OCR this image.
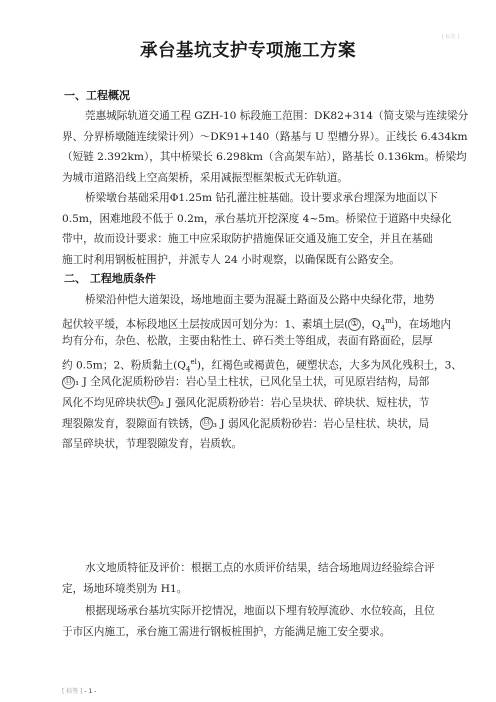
[ 标签 ]
承台基坑支护专项施工方案
一、工程概况
莞惠城际轨道交通工程 GZH-10 标段施工范围：DK82+314（简支梁与连续梁分
界、分界桥墩随连续梁计列）～DK91+140（路基与 U 型槽分界）。正线长 6.434km
（短链 2.392km），其中桥梁长 6.298km（含高架车站），路基长 0.136km。桥梁均
为城市道路沿线上空高架桥，采用减振型框架板式无砟轨道。
桥梁墩台基础采用Φ1.25m 钻孔灌注桩基础。设计要求承台埋深为地面以下
0.5m，困难地段不低于 0.2m，承台基坑开挖深度 4~5m。桥梁位于道路中央绿化
带中，故而设计要求：施工中应采取防护措施保证交通及施工安全，并且在基础
施工时利用钢板桩围护，并派专人 24 小时观察，以确保既有公路安全。
二、 工程地质条件
桥梁沿仲恺大道架设，场地地面主要为混凝土路面及公路中央绿化带，地势
起伏较平缓，本标段地区土层按成因可划分为：1、素填土层( ① ，$Q_4^{ml}$)，在场地内
均有分布，杂色、松散，主要由粘性土、碎石类土等组成，表面有路面砼，层厚
约 0.5m；2、粉质黏土$(Q_4^{el})$，红褐色或褐黄色，硬塑状态，大多为风化残积土，3、
⑬ ₁ J 全风化泥质粉砂岩：岩心呈土柱状，已风化呈土状，可见原岩结构，局部
风化不均见碎块状 ⑬ ₂ J 强风化泥质粉砂岩：岩心呈块状、碎块状、短柱状，节
理裂隙发育，裂隙面有铁锈， ⑬ ₃ J 弱风化泥质粉砂岩：岩心呈柱状、块状，局
部呈碎块状，节理裂隙发育，岩质软。
水文地质特征及评价：根据工点的水质评价结果，结合场地周边经验综合评
定，场地环境类别为 H1。
根据现场承台基坑实际开挖情况，地面以下埋有较厚流砂、水位较高，且位
于市区内施工，承台施工需进行钢板桩围护，方能满足施工安全要求。
[ 标签 ] - 1 -
